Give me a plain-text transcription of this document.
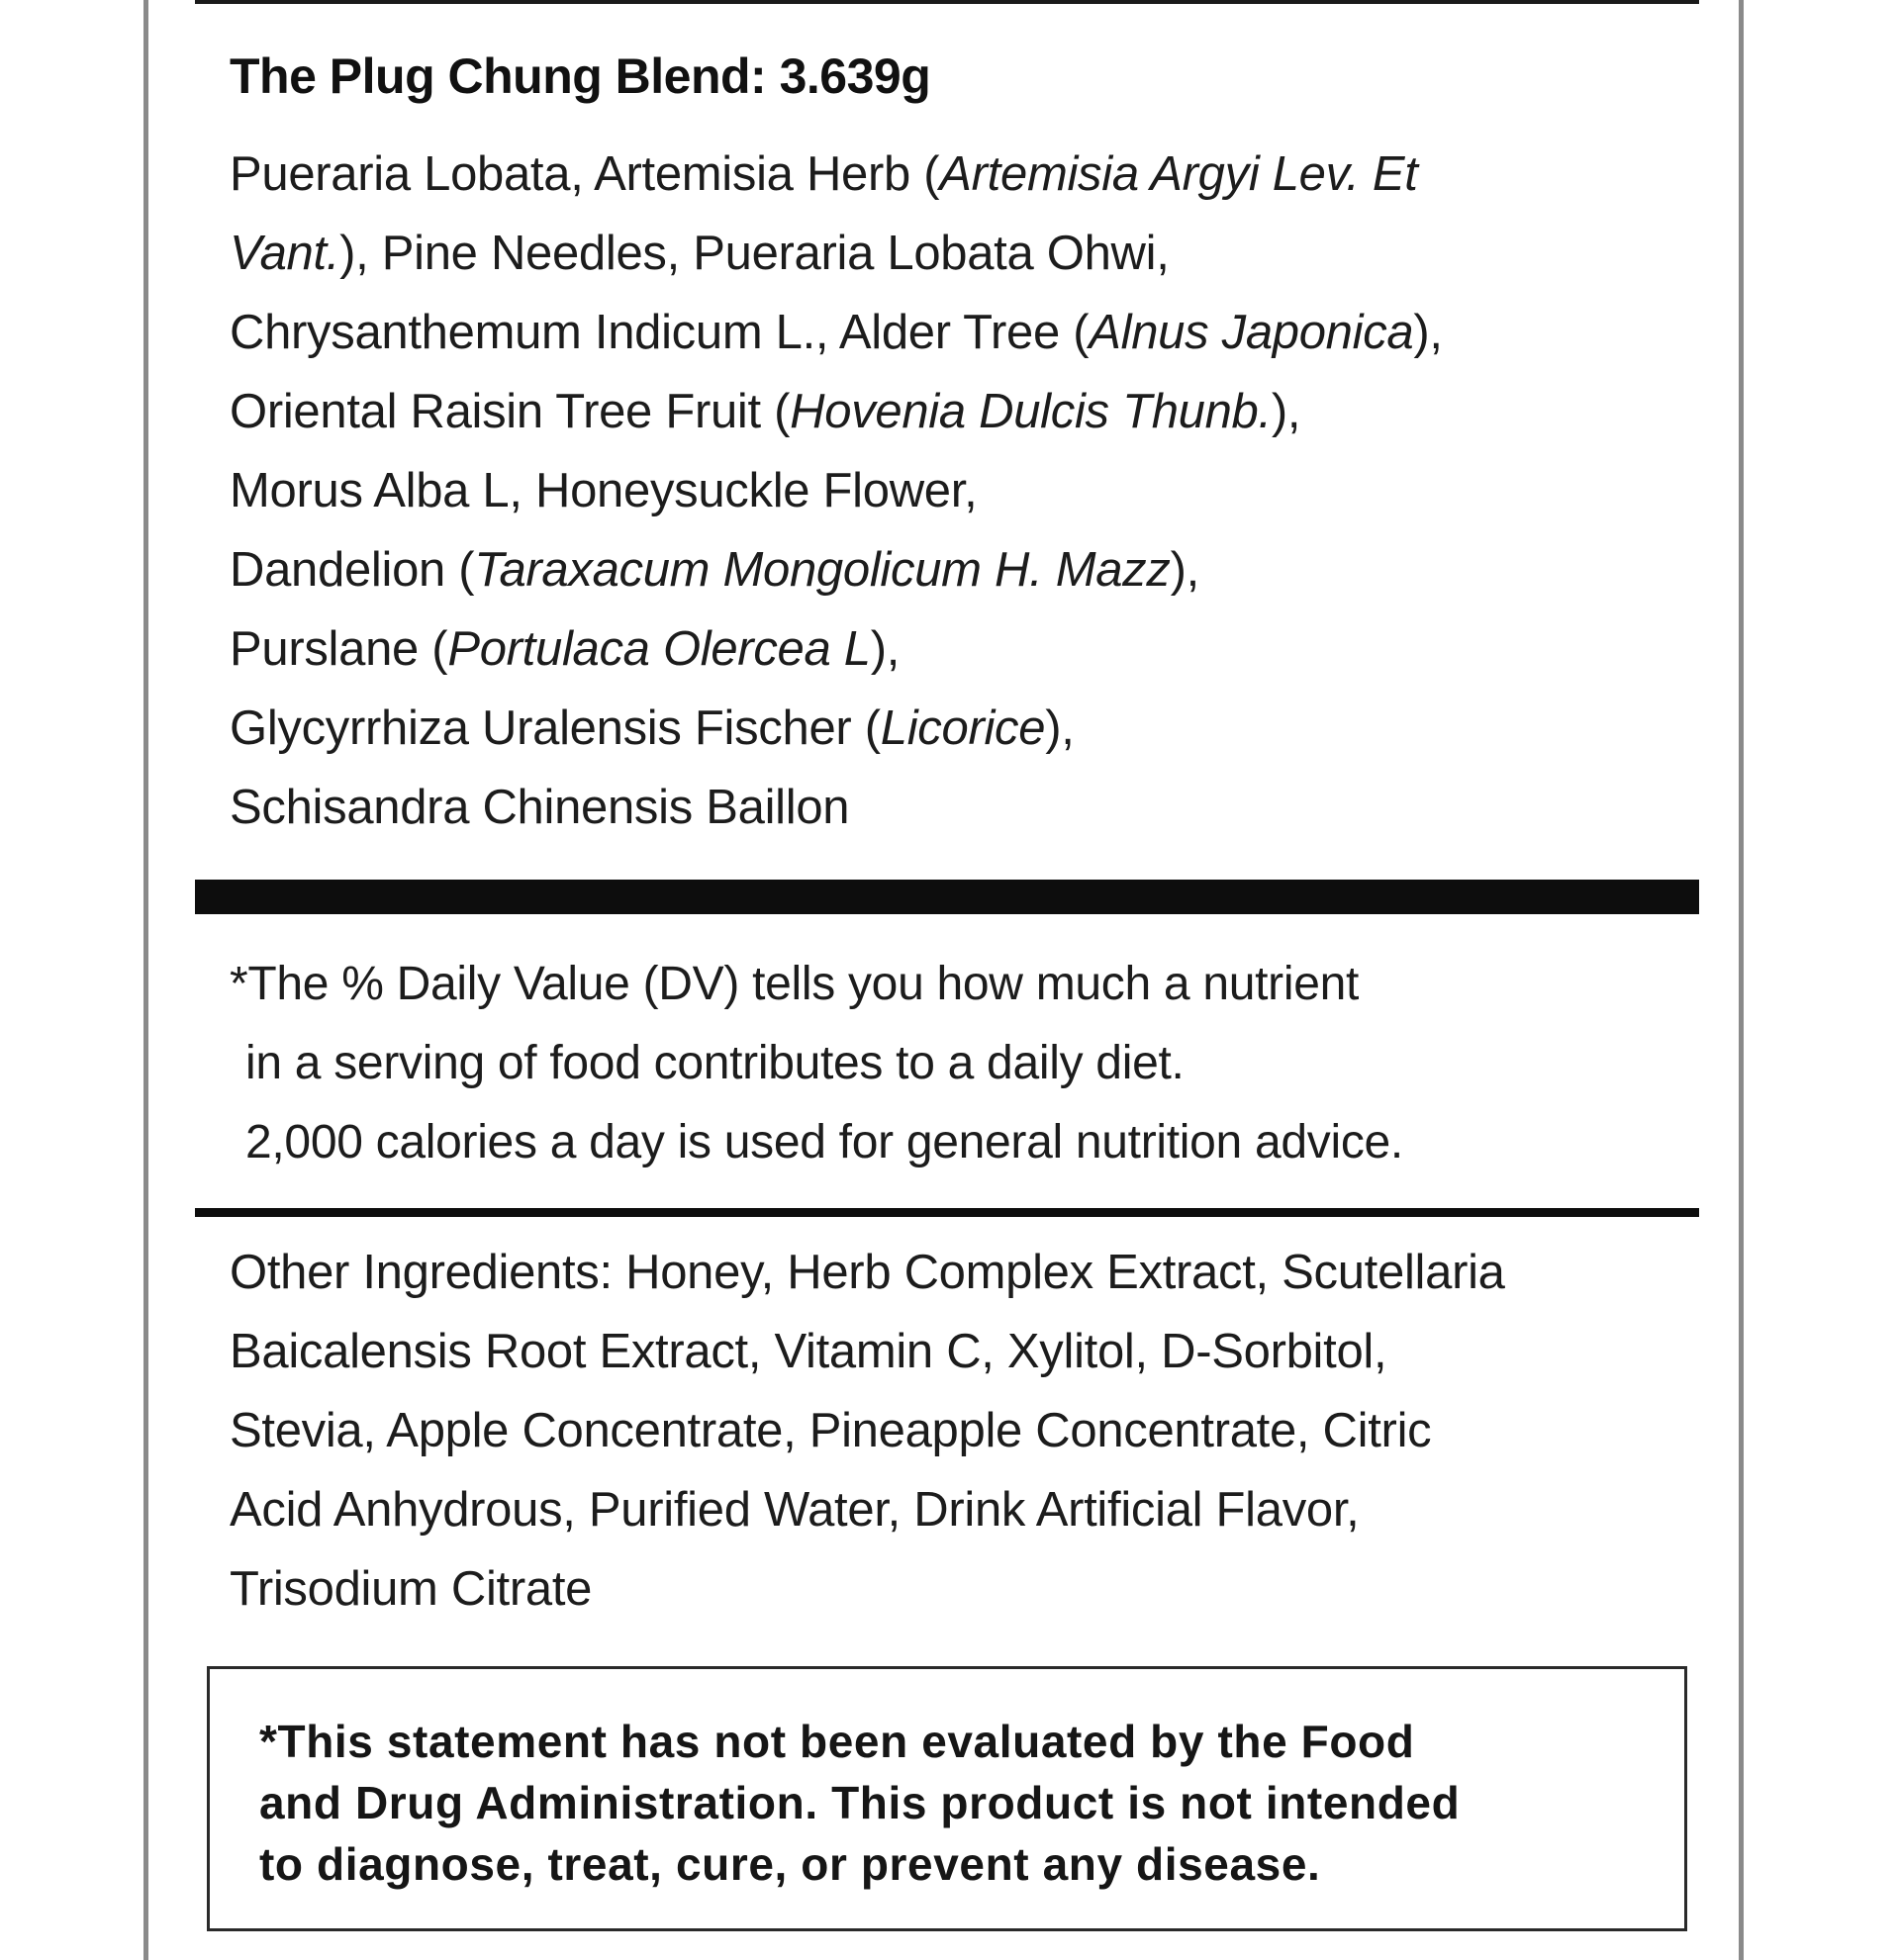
The Plug Chung Blend: 3.639g
Pueraria Lobata, Artemisia Herb (Artemisia Argyi Lev. Et
Vant.), Pine Needles, Pueraria Lobata Ohwi,
Chrysanthemum Indicum L., Alder Tree (Alnus Japonica),
Oriental Raisin Tree Fruit (Hovenia Dulcis Thunb.),
Morus Alba L, Honeysuckle Flower,
Dandelion (Taraxacum Mongolicum H. Mazz),
Purslane (Portulaca Olercea L),
Glycyrrhiza Uralensis Fischer (Licorice),
Schisandra Chinensis Baillon
*The % Daily Value (DV) tells you how much a nutrient
in a serving of food contributes to a daily diet.
2,000 calories a day is used for general nutrition advice.
Other Ingredients: Honey, Herb Complex Extract, Scutellaria
Baicalensis Root Extract, Vitamin C, Xylitol, D-Sorbitol,
Stevia, Apple Concentrate, Pineapple Concentrate, Citric
Acid Anhydrous, Purified Water, Drink Artificial Flavor,
Trisodium Citrate
*This statement has not been evaluated by the Food
and Drug Administration. This product is not intended
to diagnose, treat, cure, or prevent any disease.
